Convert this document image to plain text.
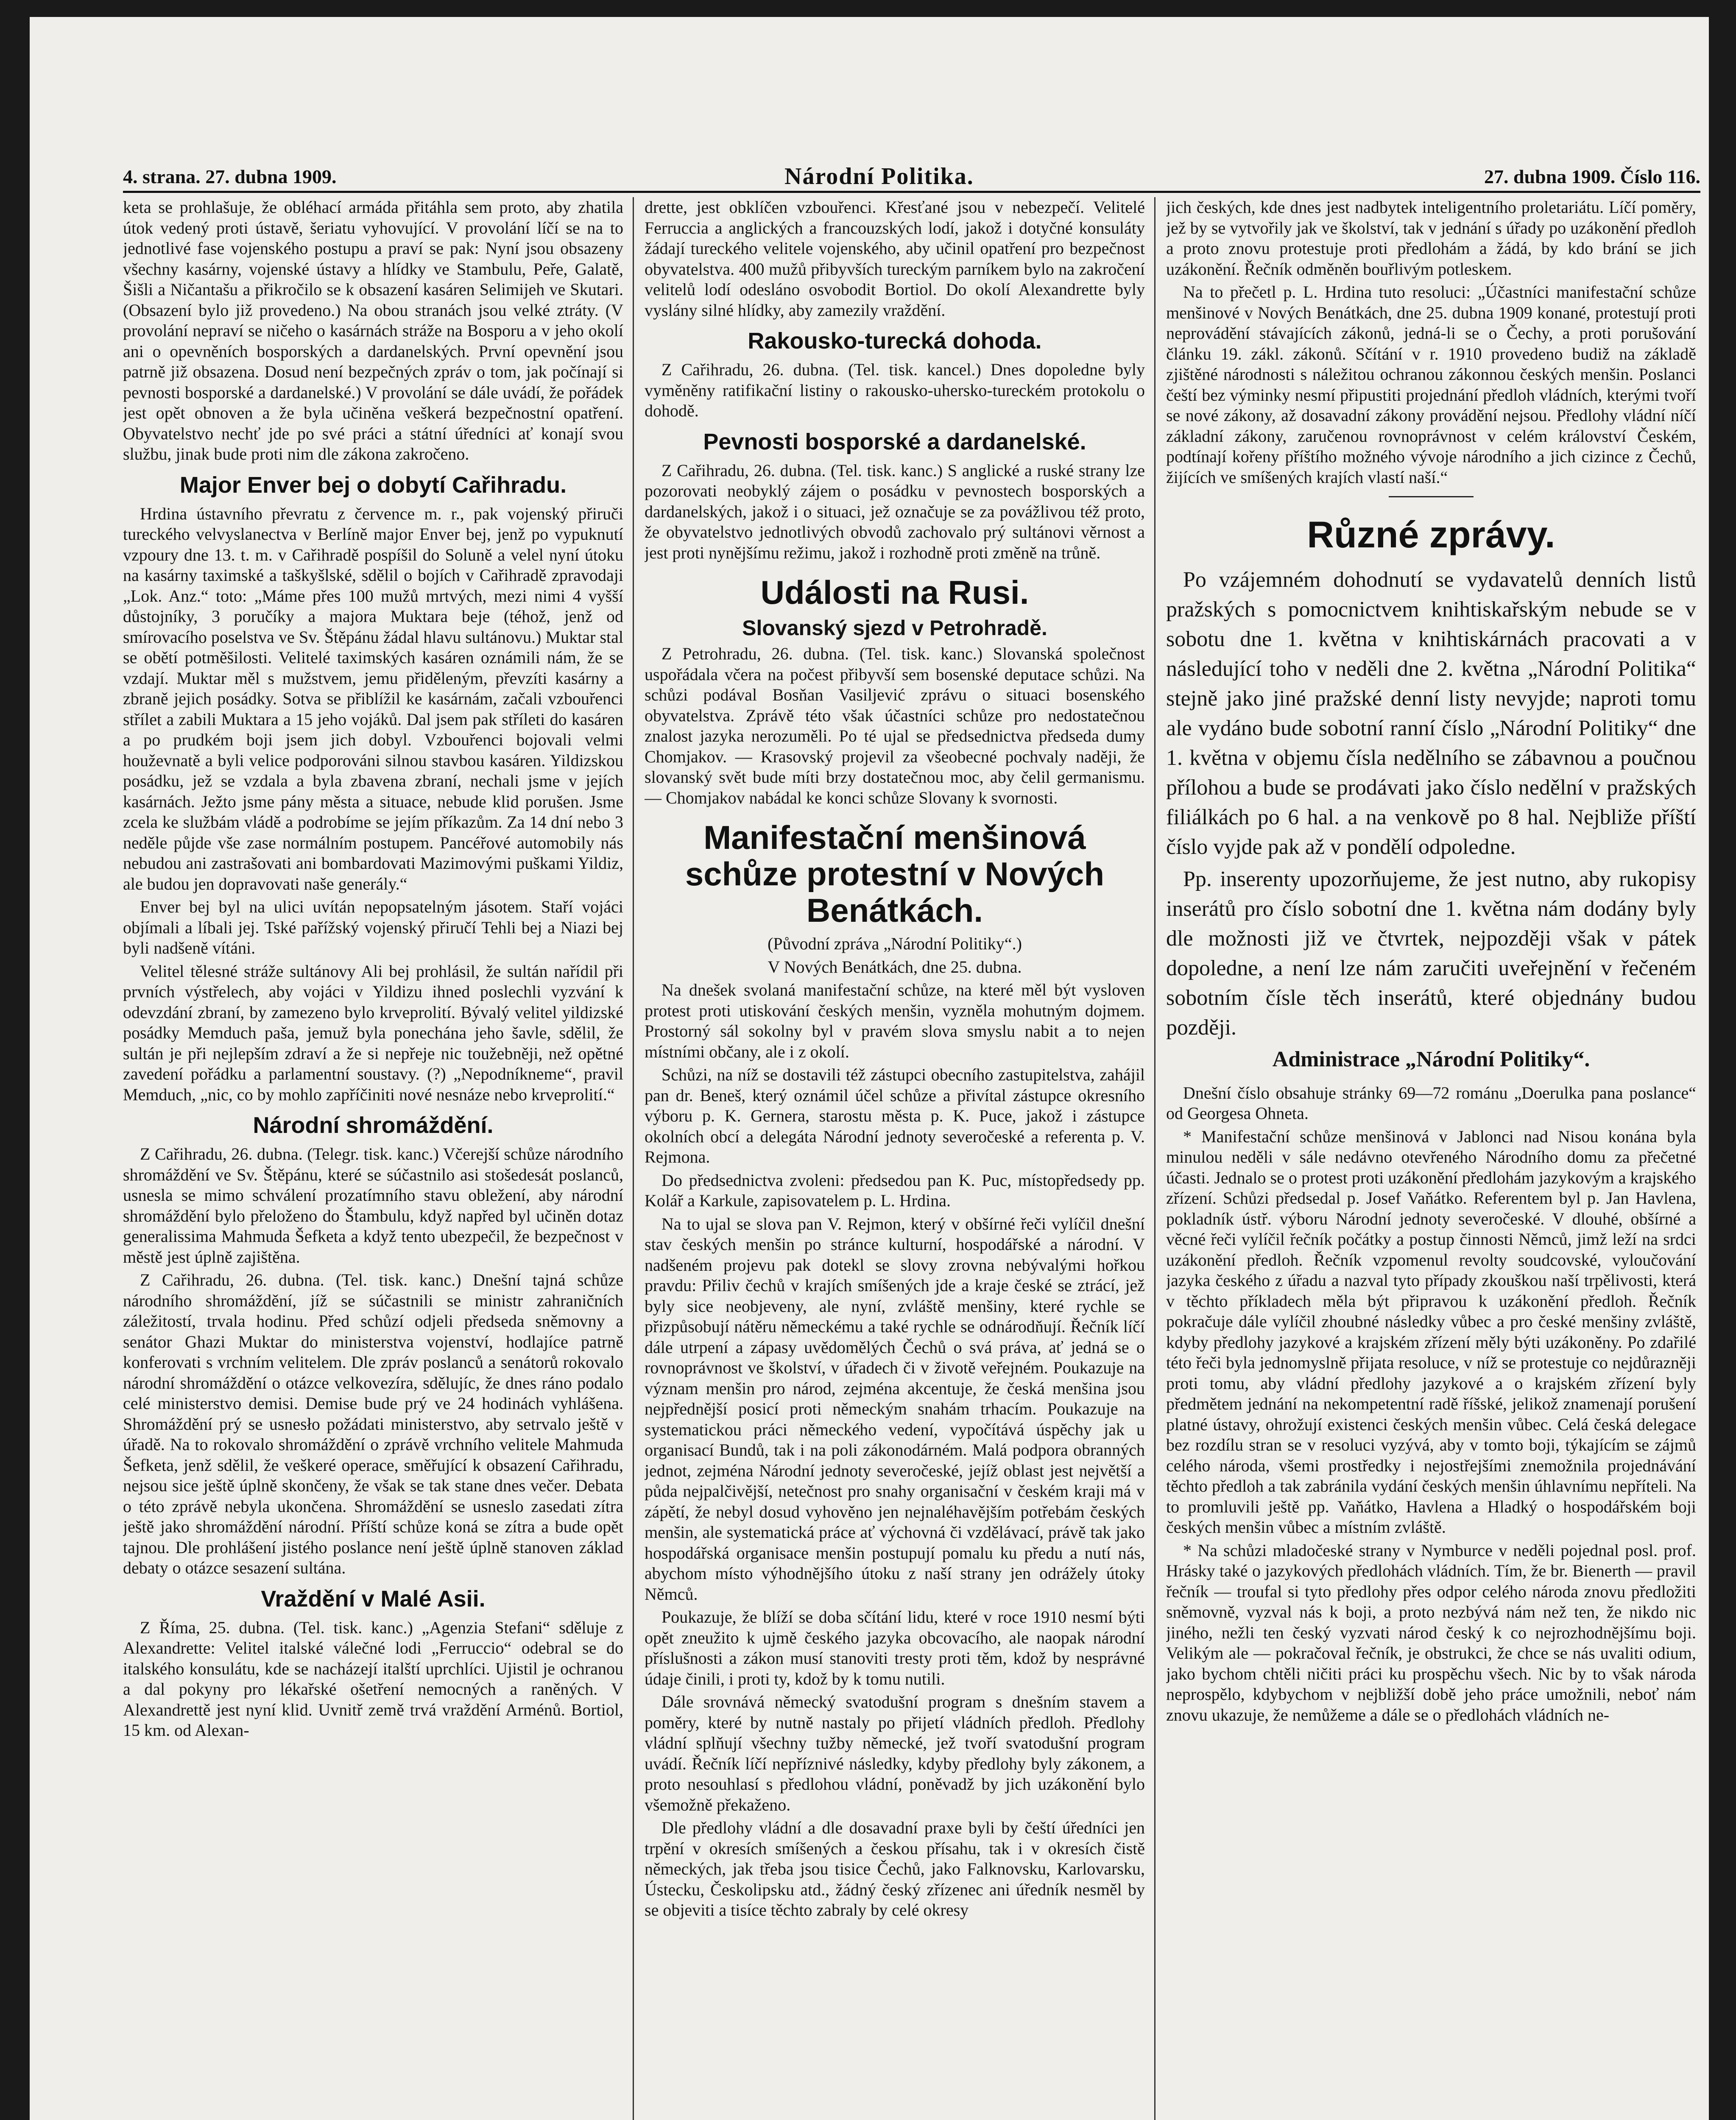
4. strana. 27. dubna 1909.	Národní Politika.	27. dubna 1909. Číslo 116.

keta se prohlašuje, že obléhací armáda přitáhla sem proto, aby zhatila útok vedený proti ústavě, šeriatu vyhovující. V provolání líčí se na to jednotlivé fase vojenského postupu a praví se pak: Nyní jsou obsazeny všechny kasárny, vojenské ústavy a hlídky ve Stambulu, Peře, Galatě, Šišli a Ničantašu a přikročilo se k obsazení kasáren Selimijeh ve Skutari. (Obsazení bylo již provedeno.) Na obou stranách jsou velké ztráty. (V provolání nepraví se ničeho o kasárnách stráže na Bosporu a v jeho okolí ani o opevněních bosporských a dardanelských. První opevnění jsou patrně již obsazena. Dosud není bezpečných zpráv o tom, jak počínají si pevnosti bosporské a dardanelské.) V provolání se dále uvádí, že pořádek jest opět obnoven a že byla učiněna veškerá bezpečnostní opatření. Obyvatelstvo nechť jde po své práci a státní úředníci ať konají svou službu, jinak bude proti nim dle zákona zakročeno.

Major Enver bej o dobytí Cařihradu.

Hrdina ústavního převratu z července m. r., pak vojenský přiruči tureckého velvyslanectva v Berlíně major Enver bej, jenž po vypuknutí vzpoury dne 13. t. m. v Cařihradě pospíšil do Soluně a velel nyní útoku na kasárny taximské a taškyšlské, sdělil o bojích v Cařihradě zpravodaji „Lok. Anz.“ toto: „Máme přes 100 mužů mrtvých, mezi nimi 4 vyšší důstojníky, 3 poručíky a majora Muktara beje (téhož, jenž od smírovacího poselstva ve Sv. Štěpánu žádal hlavu sultánovu.) Muktar stal se obětí potměšilosti. Velitelé taximských kasáren oznámili nám, že se vzdají. Muktar měl s mužstvem, jemu přiděleným, převzíti kasárny a zbraně jejich posádky. Sotva se přiblížil ke kasárnám, začali vzbouřenci střílet a zabili Muktara a 15 jeho vojáků. Dal jsem pak stříleti do kasáren a po prudkém boji jsem jich dobyl. Vzbouřenci bojovali velmi houževnatě a byli velice podporováni silnou stavbou kasáren. Yildizskou posádku, jež se vzdala a byla zbavena zbraní, nechali jsme v jejích kasárnách. Ježto jsme pány města a situace, nebude klid porušen. Jsme zcela ke službám vládě a podrobíme se jejím příkazům. Za 14 dní nebo 3 neděle půjde vše zase normálním postupem. Pancéřové automobily nás nebudou ani zastrašovati ani bombardovati Mazimovými puškami Yildiz, ale budou jen dopravovati naše generály.“

Enver bej byl na ulici uvítán nepopsatelným jásotem. Staří vojáci objímali a líbali jej. Tské pařížský vojenský přiručí Tehli bej a Niazi bej byli nadšeně vítáni.

Velitel tělesné stráže sultánovy Ali bej prohlásil, že sultán nařídil při prvních výstřelech, aby vojáci v Yildizu ihned poslechli vyzvání k odevzdání zbraní, by zamezeno bylo krveprolití. Bývalý velitel yildizské posádky Memduch paša, jemuž byla ponechána jeho šavle, sdělil, že sultán je při nejlepším zdraví a že si nepřeje nic toužebněji, než opětné zavedení pořádku a parlamentní soustavy. (?) „Nepodníkneme“, pravil Memduch, „nic, co by mohlo zapříčiniti nové nesnáze nebo krveprolití.“

Národní shromáždění.

Z Cařihradu, 26. dubna. (Telegr. tisk. kanc.) Včerejší schůze národního shromáždění ve Sv. Štěpánu, které se súčastnilo asi stošedesát poslanců, usnesla se mimo schválení prozatímního stavu obležení, aby národní shromáždění bylo přeloženo do Štambulu, když napřed byl učiněn dotaz generalissima Mahmuda Šefketa a když tento ubezpečil, že bezpečnost v městě jest úplně zajištěna.

Z Cařihradu, 26. dubna. (Tel. tisk. kanc.) Dnešní tajná schůze národního shromáždění, jíž se súčastnili se ministr zahraničních záležitostí, trvala hodinu. Před schůzí odjeli předseda sněmovny a senátor Ghazi Muktar do ministerstva vojenství, hodlajíce patrně konferovati s vrchním velitelem. Dle zpráv poslanců a senátorů rokovalo národní shromáždění o otázce velkovezíra, sdělujíc, že dnes ráno podalo celé ministerstvo demisi. Demise bude prý ve 24 hodinách vyhlášena. Shromáždění prý se usnesło požádati ministerstvo, aby setrvalo ještě v úřadě. Na to rokovalo shromáždění o zprávě vrchního velitele Mahmuda Šefketa, jenž sdělil, že veškeré operace, směřující k obsazení Cařihradu, nejsou sice ještě úplně skončeny, že však se tak stane dnes večer. Debata o této zprávě nebyla ukončena. Shromáždění se usneslo zasedati zítra ještě jako shromáždění národní. Příští schůze koná se zítra a bude opět tajnou. Dle prohlášení jistého poslance není ještě úplně stanoven základ debaty o otázce sesazení sultána.

Vraždění v Malé Asii.

Z Říma, 25. dubna. (Tel. tisk. kanc.) „Agenzia Stefani“ sděluje z Alexandrette: Velitel italské válečné lodi „Ferruccio“ odebral se do italského konsulátu, kde se nacházejí italští uprchlíci. Ujistil je ochranou a dal pokyny pro lékařské ošetření nemocných a raněných. V Alexandrettě jest nyní klid. Uvnitř země trvá vraždění Arménů. Bortiol, 15 km. od Alexan-

drette, jest obklíčen vzbouřenci. Křesťané jsou v nebezpečí. Velitelé Ferruccia a anglických a francouzských lodí, jakož i dotyčné konsuláty žádají tureckého velitele vojenského, aby učinil opatření pro bezpečnost obyvatelstva. 400 mužů přibyvších tureckým parníkem bylo na zakročení velitelů lodí odesláno osvobodit Bortiol. Do okolí Alexandrette byly vyslány silné hlídky, aby zamezily vraždění.

Rakousko-turecká dohoda.

Z Cařihradu, 26. dubna. (Tel. tisk. kancel.) Dnes dopoledne byly vyměněny ratifikační listiny o rakousko-uhersko-tureckém protokolu o dohodě.

Pevnosti bosporské a dardanelské.

Z Cařihradu, 26. dubna. (Tel. tisk. kanc.) S anglické a ruské strany lze pozorovati neobyklý zájem o posádku v pevnostech bosporských a dardanelských, jakož i o situaci, jež označuje se za povážlivou též proto, že obyvatelstvo jednotlivých obvodů zachovalo prý sultánovi věrnost a jest proti nynějšímu režimu, jakož i rozhodně proti změně na trůně.

Události na Rusi.
Slovanský sjezd v Petrohradě.

Z Petrohradu, 26. dubna. (Tel. tisk. kanc.) Slovanská společnost uspořádala včera na počest přibyvší sem bosenské deputace schůzi. Na schůzi podával Bosňan Vasiljević zprávu o situaci bosenského obyvatelstva. Zprávě této však účastníci schůze pro nedostatečnou znalost jazyka nerozuměli. Po té ujal se předsednictva předseda dumy Chomjakov. — Krasovský projevil za všeobecné pochvaly naději, že slovanský svět bude míti brzy dostatečnou moc, aby čelil germanismu. — Chomjakov nabádal ke konci schůze Slovany k svornosti.

Manifestační menšinová schůze protestní v Nových Benátkách.

(Původní zpráva „Národní Politiky“.)

V Nových Benátkách, dne 25. dubna.

Na dnešek svolaná manifestační schůze, na které měl být vysloven protest proti utiskování českých menšin, vyzněla mohutným dojmem. Prostorný sál sokolny byl v pravém slova smyslu nabit a to nejen místními občany, ale i z okolí.

Schůzi, na níž se dostavili též zástupci obecního zastupitelstva, zahájil pan dr. Beneš, který oznámil účel schůze a přivítal zástupce okresního výboru p. K. Gernera, starostu města p. K. Puce, jakož i zástupce okolních obcí a delegáta Národní jednoty severočeské a referenta p. V. Rejmona.

Do předsednictva zvoleni: předsedou pan K. Puc, místopředsedy pp. Kolář a Karkule, zapisovatelem p. L. Hrdina.

Na to ujal se slova pan V. Rejmon, který v obšírné řeči vylíčil dnešní stav českých menšin po stránce kulturní, hospodářské a národní. V nadšeném projevu pak dotekl se slovy zrovna nebývalými hořkou pravdu: Přiliv čechů v krajích smíšených jde a kraje české se ztrácí, jež byly sice neobjeveny, ale nyní, zvláště menšiny, které rychle se přizpůsobují nátěru německému a také rychle se odnárodňují. Řečník líčí dále utrpení a zápasy uvědomělých Čechů o svá práva, ať jedná se o rovnoprávnost ve školství, v úřadech či v životě veřejném. Poukazuje na význam menšin pro národ, zejména akcentuje, že česká menšina jsou nejpřednější posicí proti německým snahám trhacím. Poukazuje na systematickou práci německého vedení, vypočítává úspěchy jak u organisací Bundů, tak i na poli zákonodárném. Malá podpora obranných jednot, zejména Národní jednoty severočeské, jejíž oblast jest největší a půda nejpalčivější, netečnost pro snahy organisační v českém kraji má v zápětí, že nebyl dosud vyhověno jen nejnaléhavějším potřebám českých menšin, ale systematická práce ať výchovná či vzdělávací, právě tak jako hospodářská organisace menšin postupují pomalu ku předu a nutí nás, abychom místo výhodnějšího útoku z naší strany jen odrážely útoky Němců.

Poukazuje, že blíží se doba sčítání lidu, které v roce 1910 nesmí býti opět zneužito k ujmě českého jazyka obcovacího, ale naopak národní příslušnosti a zákon musí stanoviti tresty proti těm, kdož by nesprávné údaje činili, i proti ty, kdož by k tomu nutili.

Dále srovnává německý svatodušní program s dnešním stavem a poměry, které by nutně nastaly po přijetí vládních předloh. Předlohy vládní splňují všechny tužby německé, jež tvoří svatodušní program uvádí. Řečník líčí nepříznivé následky, kdyby předlohy byly zákonem, a proto nesouhlasí s předlohou vládní, poněvadž by jich uzákonění bylo všemožně překaženo.

Dle předlohy vládní a dle dosavadní praxe byli by čeští úředníci jen trpění v okresích smíšených a českou přísahu, tak i v okresích čistě německých, jak třeba jsou tisice Čechů, jako Falknovsku, Karlovarsku, Ústecku, Českolipsku atd., žádný český zřízenec ani úředník nesměl by se objeviti a tisíce těchto zabraly by celé okresy

jich českých, kde dnes jest nadbytek inteligentního proletariátu. Líčí poměry, jež by se vytvořily jak ve školství, tak v jednání s úřady po uzákonění předloh a proto znovu protestuje proti předlohám a žádá, by kdo brání se jich uzákonění. Řečník odměněn bouřlivým potleskem.

Na to přečetl p. L. Hrdina tuto resoluci: „Účastníci manifestační schůze menšinové v Nových Benátkách, dne 25. dubna 1909 konané, protestují proti neprovádění stávajících zákonů, jedná-li se o Čechy, a proti porušování článku 19. zákl. zákonů. Sčítání v r. 1910 provedeno budiž na základě zjištěné národnosti s náležitou ochranou zákonnou českých menšin. Poslanci čeští bez výminky nesmí připustiti projednání předloh vládních, kterými tvoří se nové zákony, až dosavadní zákony provádění nejsou. Předlohy vládní níčí základní zákony, zaručenou rovnoprávnost v celém království Českém, podtínají kořeny příštího možného vývoje národního a jich cizince z Čechů, žijících ve smíšených krajích vlastí naší.“

Různé zprávy.

Po vzájemném dohodnutí se vydavatelů denních listů pražských s pomocnictvem knihtiskařským nebude se v sobotu dne 1. května v knihtiskárnách pracovati a v následující toho v neděli dne 2. května „Národní Politika“ stejně jako jiné pražské denní listy nevyjde; naproti tomu ale vydáno bude sobotní ranní číslo „Národní Politiky“ dne 1. května v objemu čísla nedělního se zábavnou a poučnou přílohou a bude se prodávati jako číslo nedělní v pražských filiálkách po 6 hal. a na venkově po 8 hal. Nejbliže příští číslo vyjde pak až v pondělí odpoledne.

Pp. inserenty upozorňujeme, že jest nutno, aby rukopisy inserátů pro číslo sobotní dne 1. května nám dodány byly dle možnosti již ve čtvrtek, nejpozději však v pátek dopoledne, a není lze nám zaručiti uveřejnění v řečeném sobotním čísle těch inserátů, které objednány budou později.

Administrace „Národní Politiky“.

Dnešní číslo obsahuje stránky 69—72 románu „Doerulka pana poslance“ od Georgesa Ohneta.

* Manifestační schůze menšinová v Jablonci nad Nisou konána byla minulou neděli v sále nedávno otevřeného Národního domu za přečetné účasti. Jednalo se o protest proti uzákonění předlohám jazykovým a krajského zřízení. Schůzi předsedal p. Josef Vaňátko. Referentem byl p. Jan Havlena, pokladník ústř. výboru Národní jednoty severočeské. V dlouhé, obšírné a věcné řeči vylíčil řečník počátky a postup činnosti Němců, jimž leží na srdci uzákonění předloh. Řečník vzpomenul revolty soudcovské, vyloučování jazyka českého z úřadu a nazval tyto případy zkouškou naší trpělivosti, která v těchto příkladech měla být připravou k uzákonění předloh. Řečník pokračuje dále vylíčil zhoubné následky vůbec a pro české menšiny zvláště, kdyby předlohy jazykové a krajském zřízení měly býti uzákoněny. Po zdařilé této řeči byla jednomyslně přijata resoluce, v níž se protestuje co nejdůrazněji proti tomu, aby vládní předlohy jazykové a o krajském zřízení byly předmětem jednání na nekompetentní radě říšské, jelikož znamenají porušení platné ústavy, ohrožují existenci českých menšin vůbec. Celá česká delegace bez rozdílu stran se v resoluci vyzývá, aby v tomto boji, týkajícím se zájmů celého národa, všemi prostředky i nejostřejšími znemožnila projednávání těchto předloh a tak zabránila vydání českých menšin úhlavnímu nepříteli. Na to promluvili ještě pp. Vaňátko, Havlena a Hladký o hospodářském boji českých menšin vůbec a místním zvláště.

* Na schůzi mladočeské strany v Nymburce v neděli pojednal posl. prof. Hrásky také o jazykových předlohách vládních. Tím, že br. Bienerth — pravil řečník — troufal si tyto předlohy přes odpor celého národa znovu předložiti sněmovně, vyzval nás k boji, a proto nezbývá nám než ten, že nikdo nic jiného, nežli ten český vyzvati národ český k co nejrozhodnějšímu boji. Velikým ale — pokračoval řečník, je obstrukci, že chce se nás uvaliti odium, jako bychom chtěli ničiti práci ku prospěchu všech. Nic by to však národa neprospělo, kdybychom v nejbližší době jeho práce umožnili, neboť nám znovu ukazuje, že nemůžeme a dále se o předlohách vládních ne-
